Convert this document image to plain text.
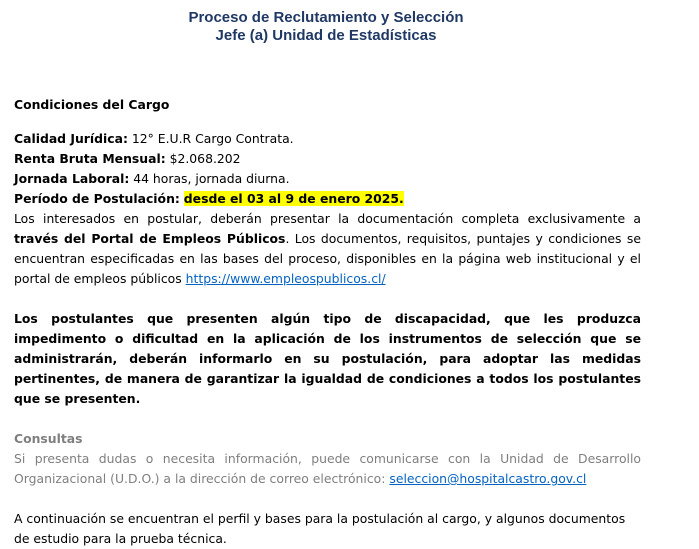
Proceso de Reclutamiento y Selección
Jefe (a) Unidad de Estadísticas

Condiciones del Cargo

Calidad Jurídica: 12° E.U.R Cargo Contrata.

Renta Bruta Mensual: $2.068.202

Jornada Laboral: 44 horas, jornada diurna.

Período de Postulación: desde el 03 al 9 de enero 2025.

Los interesados en postular, deberán presentar la documentación completa exclusivamente a través del Portal de Empleos Públicos. Los documentos, requisitos, puntajes y condiciones se encuentran especificadas en las bases del proceso, disponibles en la página web institucional y el portal de empleos públicos https://www.empleospublicos.cl/

Los postulantes que presenten algún tipo de discapacidad, que les produzca impedimento o dificultad en la aplicación de los instrumentos de selección que se administrarán, deberán informarlo en su postulación, para adoptar las medidas pertinentes, de manera de garantizar la igualdad de condiciones a todos los postulantes que se presenten.

Consultas

Si presenta dudas o necesita información, puede comunicarse con la Unidad de Desarrollo Organizacional (U.D.O.) a la dirección de correo electrónico: seleccion@hospitalcastro.gov.cl

A continuación se encuentran el perfil y bases para la postulación al cargo, y algunos documentos de estudio para la prueba técnica.
